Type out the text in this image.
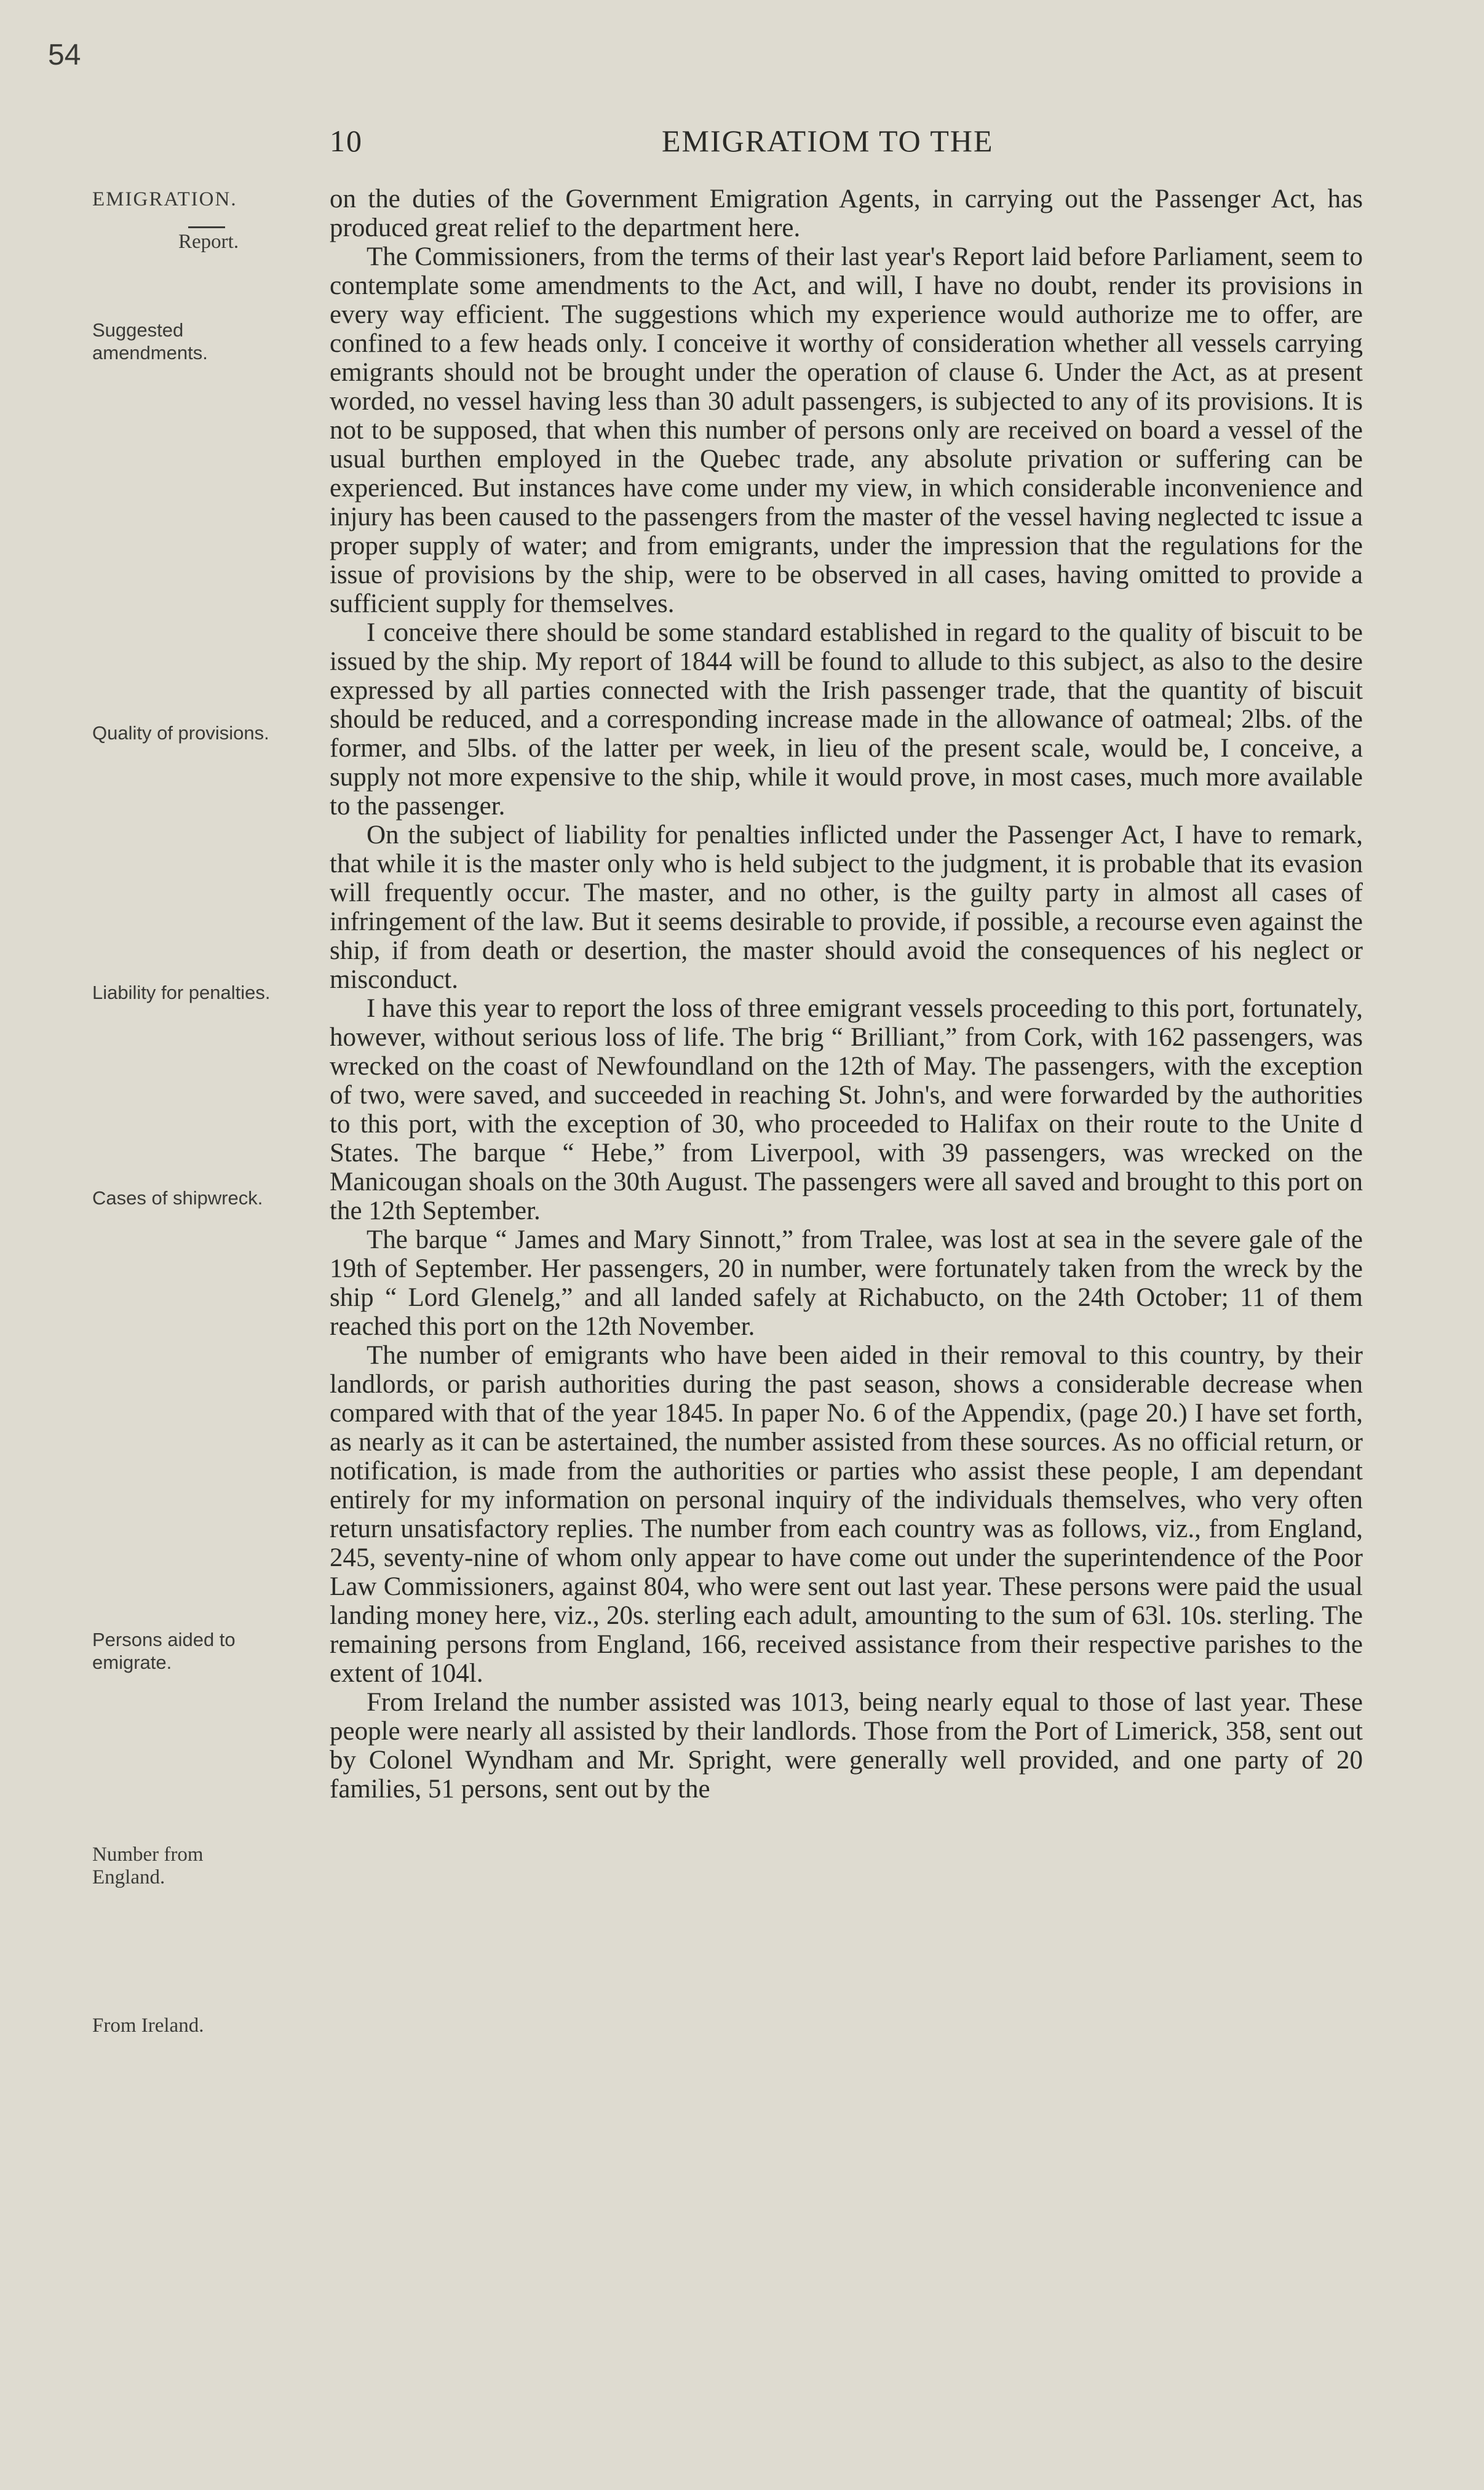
54
10	EMIGRATIOM TO THE
EMIGRATION.
Report.
Suggested amendments.
Quality of provisions.
Liability for penalties.
Cases of shipwreck.
Persons aided to emigrate.
Number from England.
From Ireland.

on the duties of the Government Emigration Agents, in carrying out the Passenger Act, has produced great relief to the department here.

The Commissioners, from the terms of their last year's Report laid before Parliament, seem to contemplate some amendments to the Act, and will, I have no doubt, render its provisions in every way efficient. The suggestions which my experience would authorize me to offer, are confined to a few heads only. I conceive it worthy of consideration whether all vessels carrying emigrants should not be brought under the operation of clause 6. Under the Act, as at present worded, no vessel having less than 30 adult passengers, is subjected to any of its provisions. It is not to be supposed, that when this number of persons only are received on board a vessel of the usual burthen employed in the Quebec trade, any absolute privation or suffering can be experienced. But instances have come under my view, in which considerable inconvenience and injury has been caused to the passengers from the master of the vessel having neglected tc issue a proper supply of water; and from emigrants, under the impression that the regulations for the issue of provisions by the ship, were to be observed in all cases, having omitted to provide a sufficient supply for themselves.

I conceive there should be some standard established in regard to the quality of biscuit to be issued by the ship. My report of 1844 will be found to allude to this subject, as also to the desire expressed by all parties connected with the Irish passenger trade, that the quantity of biscuit should be reduced, and a corresponding increase made in the allowance of oatmeal; 2lbs. of the former, and 5lbs. of the latter per week, in lieu of the present scale, would be, I conceive, a supply not more expensive to the ship, while it would prove, in most cases, much more available to the passenger.

On the subject of liability for penalties inflicted under the Passenger Act, I have to remark, that while it is the master only who is held subject to the judgment, it is probable that its evasion will frequently occur. The master, and no other, is the guilty party in almost all cases of infringement of the law. But it seems desirable to provide, if possible, a recourse even against the ship, if from death or desertion, the master should avoid the consequences of his neglect or misconduct.

I have this year to report the loss of three emigrant vessels proceeding to this port, fortunately, however, without serious loss of life. The brig “ Brilliant,” from Cork, with 162 passengers, was wrecked on the coast of Newfoundland on the 12th of May. The passengers, with the exception of two, were saved, and succeeded in reaching St. John's, and were forwarded by the authorities to this port, with the exception of 30, who proceeded to Halifax on their route to the Unite d States. The barque “ Hebe,” from Liverpool, with 39 passengers, was wrecked on the Manicougan shoals on the 30th August. The passengers were all saved and brought to this port on the 12th September.

The barque “ James and Mary Sinnott,” from Tralee, was lost at sea in the severe gale of the 19th of September. Her passengers, 20 in number, were fortunately taken from the wreck by the ship “ Lord Glenelg,” and all landed safely at Richabucto, on the 24th October; 11 of them reached this port on the 12th November.

The number of emigrants who have been aided in their removal to this country, by their landlords, or parish authorities during the past season, shows a considerable decrease when compared with that of the year 1845. In paper No. 6 of the Appendix, (page 20.) I have set forth, as nearly as it can be astertained, the number assisted from these sources. As no official return, or notification, is made from the authorities or parties who assist these people, I am dependant entirely for my information on personal inquiry of the individuals themselves, who very often return unsatisfactory replies. The number from each country was as follows, viz., from England, 245, seventy-nine of whom only appear to have come out under the superintendence of the Poor Law Commissioners, against 804, who were sent out last year. These persons were paid the usual landing money here, viz., 20s. sterling each adult, amounting to the sum of 63l. 10s. sterling. The remaining persons from England, 166, received assistance from their respective parishes to the extent of 104l.

From Ireland the number assisted was 1013, being nearly equal to those of last year. These people were nearly all assisted by their landlords. Those from the Port of Limerick, 358, sent out by Colonel Wyndham and Mr. Spright, were generally well provided, and one party of 20 families, 51 persons, sent out by the
